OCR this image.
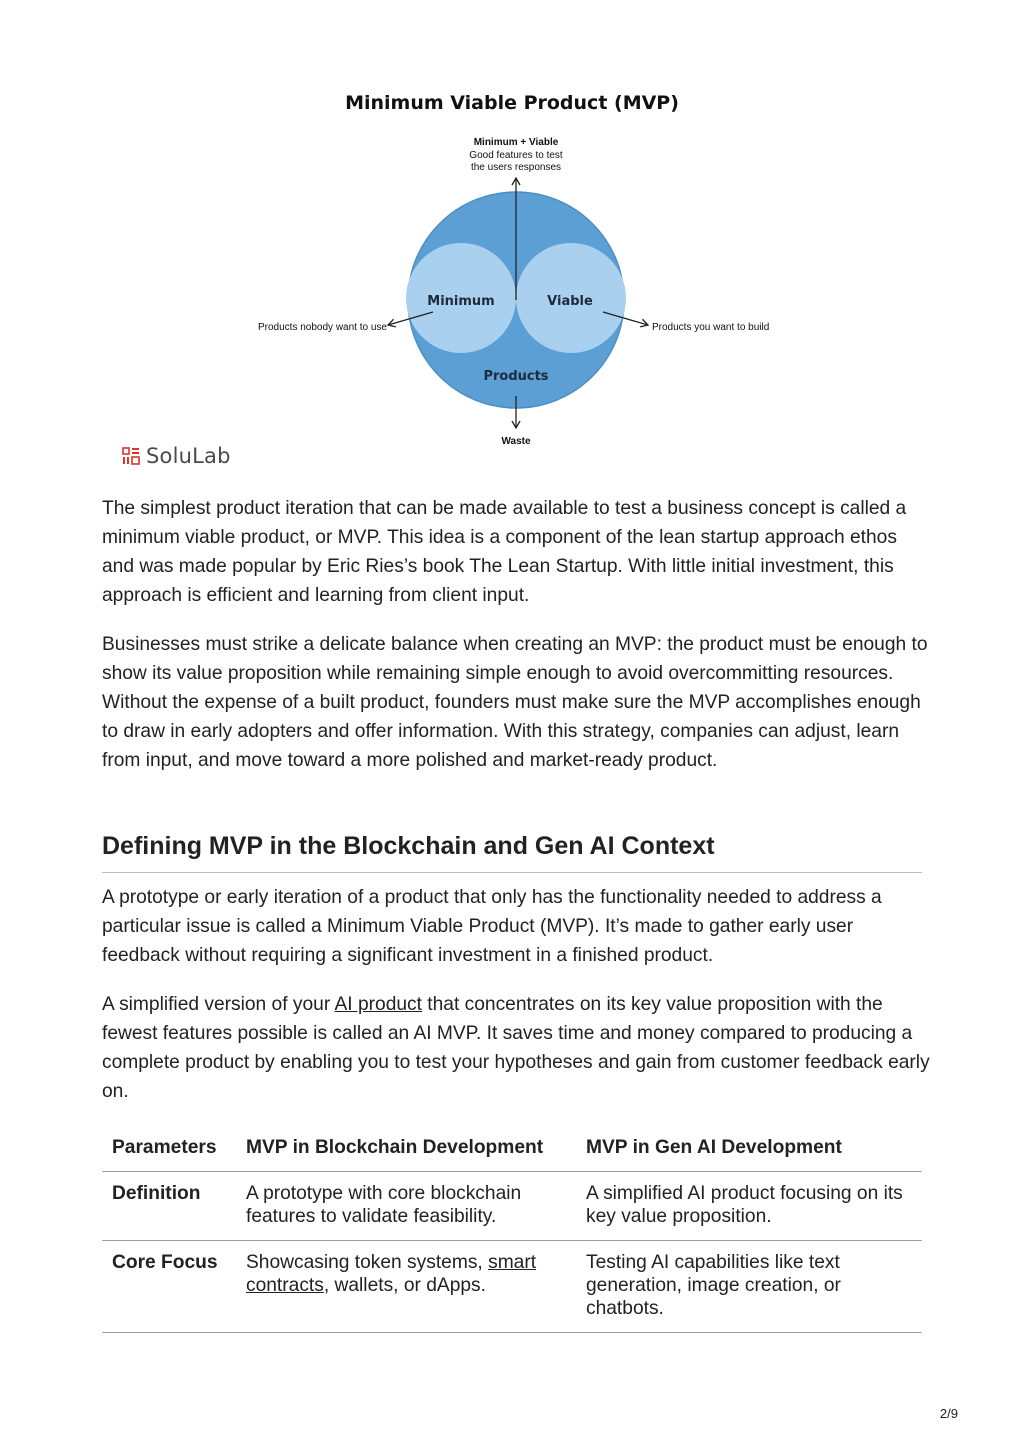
Minimum Viable Product (MVP)
Minimum + Viable
Good features to test
the users responses
Minimum	Viable
Products
Products nobody want to use	Products you want to build
Waste
SoluLab

The simplest product iteration that can be made available to test a business concept is called a minimum viable product, or MVP. This idea is a component of the lean startup approach ethos and was made popular by Eric Ries’s book The Lean Startup. With little initial investment, this approach is efficient and learning from client input.

Businesses must strike a delicate balance when creating an MVP: the product must be enough to show its value proposition while remaining simple enough to avoid overcommitting resources. Without the expense of a built product, founders must make sure the MVP accomplishes enough to draw in early adopters and offer information. With this strategy, companies can adjust, learn from input, and move toward a more polished and market-ready product.

Defining MVP in the Blockchain and Gen AI Context

A prototype or early iteration of a product that only has the functionality needed to address a particular issue is called a Minimum Viable Product (MVP). It’s made to gather early user feedback without requiring a significant investment in a finished product.

A simplified version of your AI product that concentrates on its key value proposition with the fewest features possible is called an AI MVP. It saves time and money compared to producing a complete product by enabling you to test your hypotheses and gain from customer feedback early on.

Parameters	MVP in Blockchain Development	MVP in Gen AI Development
Definition	A prototype with core blockchain features to validate feasibility.	A simplified AI product focusing on its key value proposition.
Core Focus	Showcasing token systems, smart contracts, wallets, or dApps.	Testing AI capabilities like text generation, image creation, or chatbots.
2/9
